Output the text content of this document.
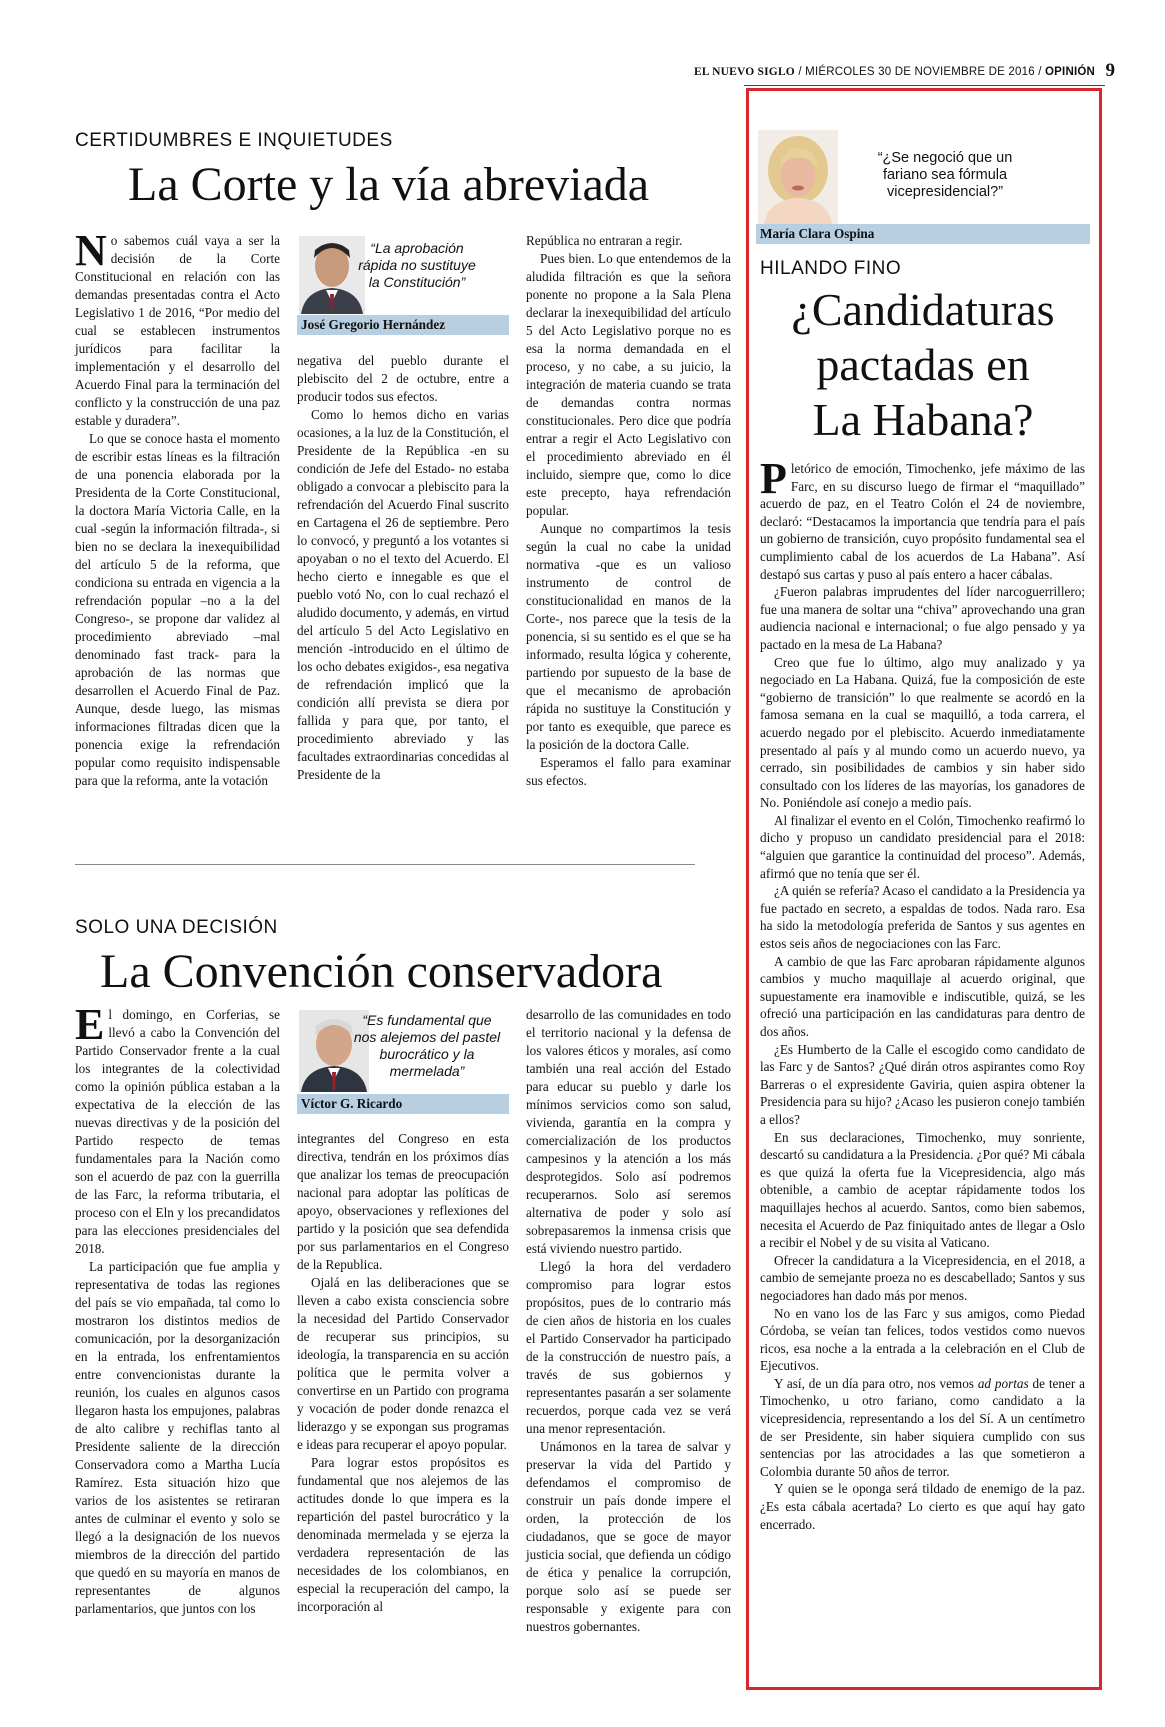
EL NUEVO SIGLO / MIÉRCOLES 30 DE NOVIEMBRE DE 2016 / OPINIÓN 9
CERTIDUMBRES E INQUIETUDES
La Corte y la vía abreviada

No sabemos cuál vaya a ser la decisión de la Corte Constitucional en relación con las demandas presentadas contra el Acto Legislativo 1 de 2016, “Por medio del cual se establecen instrumentos jurídicos para facilitar la implementación y el desarrollo del Acuerdo Final para la terminación del conflicto y la construcción de una paz estable y duradera”.

Lo que se conoce hasta el momento de escribir estas líneas es la filtración de una ponencia elaborada por la Presidenta de la Corte Constitucional, la doctora María Victoria Calle, en la cual -según la información filtrada-, si bien no se declara la inexequibilidad del artículo 5 de la reforma, que condiciona su entrada en vigencia a la refrendación popular –no a la del Congreso-, se propone dar validez al procedimiento abreviado –mal denominado fast track- para la aprobación de las normas que desarrollen el Acuerdo Final de Paz. Aunque, desde luego, las mismas informaciones filtradas dicen que la ponencia exige la refrendación popular como requisito indispensable para que la reforma, ante la votación

“La aprobación rápida no sustituye la Constitución”
José Gregorio Hernández

negativa del pueblo durante el plebiscito del 2 de octubre, entre a producir todos sus efectos.

Como lo hemos dicho en varias ocasiones, a la luz de la Constitución, el Presidente de la República -en su condición de Jefe del Estado- no estaba obligado a convocar a plebiscito para la refrendación del Acuerdo Final suscrito en Cartagena el 26 de septiembre. Pero lo convocó, y preguntó a los votantes si apoyaban o no el texto del Acuerdo. El hecho cierto e innegable es que el pueblo votó No, con lo cual rechazó el aludido documento, y además, en virtud del artículo 5 del Acto Legislativo en mención -introducido en el último de los ocho debates exigidos-, esa negativa de refrendación implicó que la condición allí prevista se diera por fallida y para que, por tanto, el procedimiento abreviado y las facultades extraordinarias concedidas al Presidente de la

República no entraran a regir.

Pues bien. Lo que entendemos de la aludida filtración es que la señora ponente no propone a la Sala Plena declarar la inexequibilidad del artículo 5 del Acto Legislativo porque no es esa la norma demandada en el proceso, y no cabe, a su juicio, la integración de materia cuando se trata de demandas contra normas constitucionales. Pero dice que podría entrar a regir el Acto Legislativo con el procedimiento abreviado en él incluido, siempre que, como lo dice este precepto, haya refrendación popular.

Aunque no compartimos la tesis según la cual no cabe la unidad normativa -que es un valioso instrumento de control de constitucionalidad en manos de la Corte-, nos parece que la tesis de la ponencia, si su sentido es el que se ha informado, resulta lógica y coherente, partiendo por supuesto de la base de que el mecanismo de aprobación rápida no sustituye la Constitución y por tanto es exequible, que parece es la posición de la doctora Calle.

Esperamos el fallo para examinar sus efectos.

SOLO UNA DECISIÓN
La Convención conservadora

El domingo, en Corferias, se llevó a cabo la Convención del Partido Conservador frente a la cual los integrantes de la colectividad como la opinión pública estaban a la expectativa de la elección de las nuevas directivas y de la posición del Partido respecto de temas fundamentales para la Nación como son el acuerdo de paz con la guerrilla de las Farc, la reforma tributaria, el proceso con el Eln y los precandidatos para las elecciones presidenciales del 2018.

La participación que fue amplia y representativa de todas las regiones del país se vio empañada, tal como lo mostraron los distintos medios de comunicación, por la desorganización en la entrada, los enfrentamientos entre convencionistas durante la reunión, los cuales en algunos casos llegaron hasta los empujones, palabras de alto calibre y rechiflas tanto al Presidente saliente de la dirección Conservadora como a Martha Lucía Ramírez. Esta situación hizo que varios de los asistentes se retiraran antes de culminar el evento y solo se llegó a la designación de los nuevos miembros de la dirección del partido que quedó en su mayoría en manos de representantes de algunos parlamentarios, que juntos con los

“Es fundamental que nos alejemos del pastel burocrático y la mermelada”
Víctor G. Ricardo

integrantes del Congreso en esta directiva, tendrán en los próximos días que analizar los temas de preocupación nacional para adoptar las políticas de apoyo, observaciones y reflexiones del partido y la posición que sea defendida por sus parlamentarios en el Congreso de la Republica.

Ojalá en las deliberaciones que se lleven a cabo exista consciencia sobre la necesidad del Partido Conservador de recuperar sus principios, su ideología, la transparencia en su acción política que le permita volver a convertirse en un Partido con programa y vocación de poder donde renazca el liderazgo y se expongan sus programas e ideas para recuperar el apoyo popular.

Para lograr estos propósitos es fundamental que nos alejemos de las actitudes donde lo que impera es la repartición del pastel burocrático y la denominada mermelada y se ejerza la verdadera representación de las necesidades de los colombianos, en especial la recuperación del campo, la incorporación al

desarrollo de las comunidades en todo el territorio nacional y la defensa de los valores éticos y morales, así como también una real acción del Estado para educar su pueblo y darle los mínimos servicios como son salud, vivienda, garantía en la compra y comercialización de los productos campesinos y la atención a los más desprotegidos. Solo así podremos recuperarnos. Solo así seremos alternativa de poder y solo así sobrepasaremos la inmensa crisis que está viviendo nuestro partido.

Llegó la hora del verdadero compromiso para lograr estos propósitos, pues de lo contrario más de cien años de historia en los cuales el Partido Conservador ha participado de la construcción de nuestro país, a través de sus gobiernos y representantes pasarán a ser solamente recuerdos, porque cada vez se verá una menor representación.

Unámonos en la tarea de salvar y preservar la vida del Partido y defendamos el compromiso de construir un país donde impere el orden, la protección de los ciudadanos, que se goce de mayor justicia social, que defienda un código de ética y penalice la corrupción, porque solo así se puede ser responsable y exigente para con nuestros gobernantes.

“¿Se negoció que un fariano sea fórmula vicepresidencial?”
María Clara Ospina
HILANDO FINO
¿Candidaturas
pactadas en
La Habana?

Pletórico de emoción, Timochenko, jefe máximo de las Farc, en su discurso luego de firmar el “maquillado” acuerdo de paz, en el Teatro Colón el 24 de noviembre, declaró: “Destacamos la importancia que tendría para el país un gobierno de transición, cuyo propósito fundamental sea el cumplimiento cabal de los acuerdos de La Habana”. Así destapó sus cartas y puso al país entero a hacer cábalas.

¿Fueron palabras imprudentes del líder narcoguerrillero; fue una manera de soltar una “chiva” aprovechando una gran audiencia nacional e internacional; o fue algo pensado y ya pactado en la mesa de La Habana?

Creo que fue lo último, algo muy analizado y ya negociado en La Habana. Quizá, fue la composición de este “gobierno de transición” lo que realmente se acordó en la famosa semana en la cual se maquilló, a toda carrera, el acuerdo negado por el plebiscito. Acuerdo inmediatamente presentado al país y al mundo como un acuerdo nuevo, ya cerrado, sin posibilidades de cambios y sin haber sido consultado con los líderes de las mayorías, los ganadores de No. Poniéndole así conejo a medio país.

Al finalizar el evento en el Colón, Timochenko reafirmó lo dicho y propuso un candidato presidencial para el 2018: “alguien que garantice la continuidad del proceso”. Además, afirmó que no tenía que ser él.

¿A quién se refería? Acaso el candidato a la Presidencia ya fue pactado en secreto, a espaldas de todos. Nada raro. Esa ha sido la metodología preferida de Santos y sus agentes en estos seis años de negociaciones con las Farc.

A cambio de que las Farc aprobaran rápidamente algunos cambios y mucho maquillaje al acuerdo original, que supuestamente era inamovible e indiscutible, quizá, se les ofreció una participación en las candidaturas para dentro de dos años.

¿Es Humberto de la Calle el escogido como candidato de las Farc y de Santos? ¿Qué dirán otros aspirantes como Roy Barreras o el expresidente Gaviria, quien aspira obtener la Presidencia para su hijo? ¿Acaso les pusieron conejo también a ellos?

En sus declaraciones, Timochenko, muy sonriente, descartó su candidatura a la Presidencia. ¿Por qué? Mi cábala es que quizá la oferta fue la Vicepresidencia, algo más obtenible, a cambio de aceptar rápidamente todos los maquillajes hechos al acuerdo. Santos, como bien sabemos, necesita el Acuerdo de Paz finiquitado antes de llegar a Oslo a recibir el Nobel y de su visita al Vaticano.

Ofrecer la candidatura a la Vicepresidencia, en el 2018, a cambio de semejante proeza no es descabellado; Santos y sus negociadores han dado más por menos.

No en vano los de las Farc y sus amigos, como Piedad Córdoba, se veían tan felices, todos vestidos como nuevos ricos, esa noche a la entrada a la celebración en el Club de Ejecutivos.

Y así, de un día para otro, nos vemos ad portas de tener a Timochenko, u otro fariano, como candidato a la vicepresidencia, representando a los del Sí. A un centímetro de ser Presidente, sin haber siquiera cumplido con sus sentencias por las atrocidades a las que sometieron a Colombia durante 50 años de terror.

Y quien se le oponga será tildado de enemigo de la paz. ¿Es esta cábala acertada? Lo cierto es que aquí hay gato encerrado.
